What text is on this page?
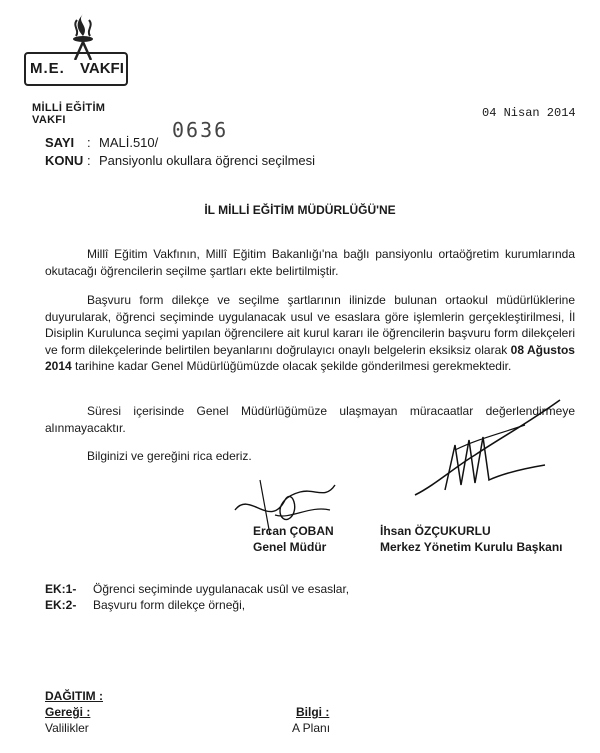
M.E. VAKFI
MİLLİ EĞİTİM VAKFI	04 Nisan 2014
0636
SAYI : MALİ.510/
KONU : Pansiyonlu okullara öğrenci seçilmesi
İL MİLLİ EĞİTİM MÜDÜRLÜĞÜ'NE
Millî Eğitim Vakfının, Millî Eğitim Bakanlığı'na bağlı pansiyonlu ortaöğretim kurumlarında okutacağı öğrencilerin seçilme şartları ekte belirtilmiştir.
Başvuru form dilekçe ve seçilme şartlarının ilinizde bulunan ortaokul müdürlüklerine duyurularak, öğrenci seçiminde uygulanacak usul ve esaslara göre işlemlerin gerçekleştirilmesi, İl Disiplin Kurulunca seçimi yapılan öğrencilere ait kurul kararı ile öğrencilerin başvuru form dilekçeleri ve form dilekçelerinde belirtilen beyanlarını doğrulayıcı onaylı belgelerin eksiksiz olarak 08 Ağustos 2014 tarihine kadar Genel Müdürlüğümüzde olacak şekilde gönderilmesi gerekmektedir.
Süresi içerisinde Genel Müdürlüğümüze ulaşmayan müracaatlar değerlendirmeye alınmayacaktır.
Bilginizi ve gereğini rica ederiz.
Ercan ÇOBAN
Genel Müdür
İhsan ÖZÇUKURLU
Merkez Yönetim Kurulu Başkanı
EK:1- Öğrenci seçiminde uygulanacak usûl ve esaslar,
EK:2- Başvuru form dilekçe örneği,
DAĞITIM :
Gereği :
Valilikler
Bilgi :
A Planı
